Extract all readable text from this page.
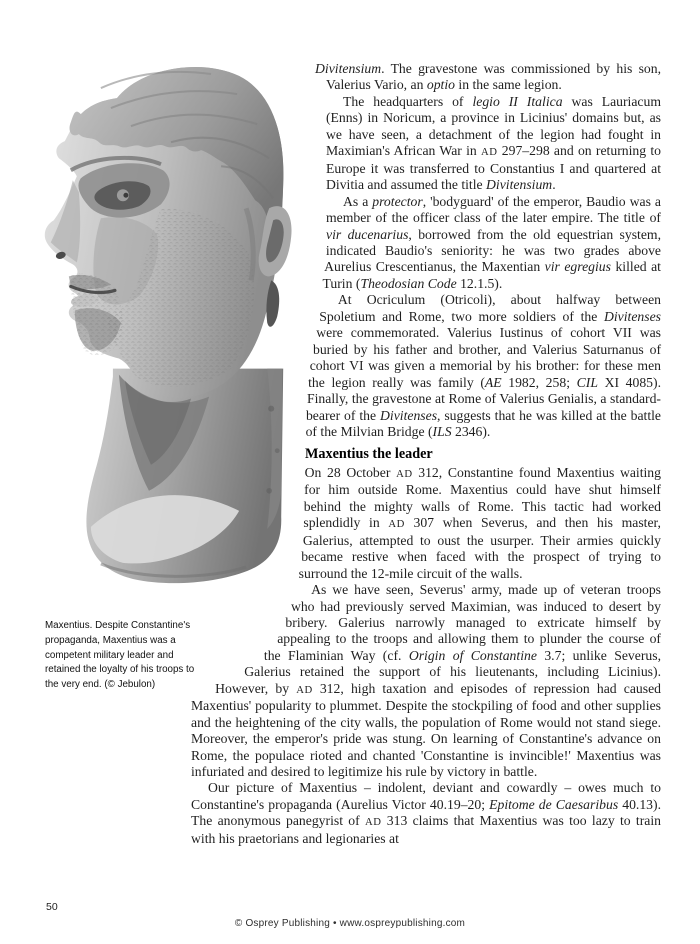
Divitensium. The gravestone was commissioned by his son, Valerius Vario, an optio in the same legion.

The headquarters of legio II Italica was Lauriacum (Enns) in Noricum, a province in Licinius' domains but, as we have seen, a detachment of the legion had fought in Maximian's African War in AD 297–298 and on returning to Europe it was transferred to Constantius I and quartered at Divitia and assumed the title Divitensium.

As a protector, 'bodyguard' of the emperor, Baudio was a member of the officer class of the later empire. The title of vir ducenarius, borrowed from the old equestrian system, indicated Baudio's seniority: he was two grades above Aurelius Crescentianus, the Maxentian vir egregius killed at Turin (Theodosian Code 12.1.5).

At Ocriculum (Otricoli), about halfway between Spoletium and Rome, two more soldiers of the Divitenses were commemorated. Valerius Iustinus of cohort VII was buried by his father and brother, and Valerius Saturnanus of cohort VI was given a memorial by his brother: for these men the legion really was family (AE 1982, 258; CIL XI 4085). Finally, the gravestone at Rome of Valerius Genialis, a standard-bearer of the Divitenses, suggests that he was killed at the battle of the Milvian Bridge (ILS 2346).

Maxentius the leader

On 28 October AD 312, Constantine found Maxentius waiting for him outside Rome. Maxentius could have shut himself behind the mighty walls of Rome. This tactic had worked splendidly in AD 307 when Severus, and then his master, Galerius, attempted to oust the usurper. Their armies quickly became restive when faced with the prospect of trying to surround the 12-mile circuit of the walls.

As we have seen, Severus' army, made up of veteran troops who had previously served Maximian, was induced to desert by bribery. Galerius narrowly managed to extricate himself by appealing to the troops and allowing them to plunder the course of the Flaminian Way (cf. Origin of Constantine 3.7; unlike Severus, Galerius retained the support of his lieutenants, including Licinius). However, by AD 312, high taxation and episodes of repression had caused Maxentius' popularity to plummet. Despite the stockpiling of food and other supplies and the heightening of the city walls, the population of Rome would not stand siege. Moreover, the emperor's pride was stung. On learning of Constantine's advance on Rome, the populace rioted and chanted 'Constantine is invincible!' Maxentius was infuriated and desired to legitimize his rule by victory in battle.

Our picture of Maxentius – indolent, deviant and cowardly – owes much to Constantine's propaganda (Aurelius Victor 40.19–20; Epitome de Caesaribus 40.13). The anonymous panegyrist of AD 313 claims that Maxentius was too lazy to train with his praetorians and legionaries at

Maxentius. Despite Constantine's propaganda, Maxentius was a competent military leader and retained the loyalty of his troops to the very end. (© Jebulon)
50
© Osprey Publishing • www.ospreypublishing.com
